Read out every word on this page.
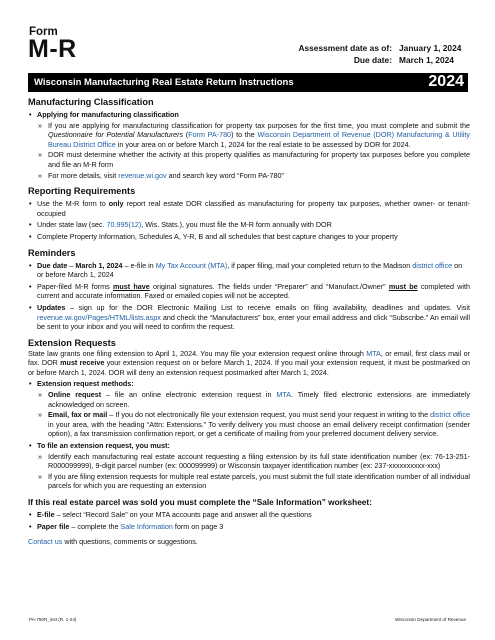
Form
M-R	Assessment date as of: January 1, 2024
Due date: March 1, 2024
Wisconsin Manufacturing Real Estate Return Instructions	2024
Manufacturing Classification
• Applying for manufacturing classification
» If you are applying for manufacturing classification for property tax purposes for the first time, you must complete and submit the Questionnaire for Potential Manufacturers (Form PA-780) to the Wisconsin Department of Revenue (DOR) Manufacturing & Utility Bureau District Office in your area on or before March 1, 2024 for the real estate to be assessed by DOR for 2024.
» DOR must determine whether the activity at this property qualifies as manufacturing for property tax purposes before you complete and file an M-R form
» For more details, visit revenue.wi.gov and search key word “Form PA-780”
Reporting Requirements
• Use the M-R form to only report real estate DOR classified as manufacturing for property tax purposes, whether owner- or tenant-occupied
• Under state law (sec. 70.995(12), Wis. Stats.), you must file the M-R form annually with DOR
• Complete Property Information, Schedules A, Y-R, B and all schedules that best capture changes to your property
Reminders
• Due date – March 1, 2024 – e-file in My Tax Account (MTA), if paper filing, mail your completed return to the Madison district office on or before March 1, 2024
• Paper-filed M-R forms must have original signatures. The fields under “Preparer” and “Manufact./Owner” must be completed with current and accurate information. Faxed or emailed copies will not be accepted.
• Updates – sign up for the DOR Electronic Mailing List to receive emails on filing availability, deadlines and updates. Visit revenue.wi.gov/Pages/HTML/lists.aspx and check the “Manufacturers” box, enter your email address and click “Subscribe.” An email will be sent to your inbox and you will need to confirm the request.
Extension Requests
State law grants one filing extension to April 1, 2024. You may file your extension request online through MTA, or email, first class mail or fax. DOR must receive your extension request on or before March 1, 2024. If you mail your extension request, it must be postmarked on or before March 1, 2024. DOR will deny an extension request postmarked after March 1, 2024.
• Extension request methods:
» Online request – file an online electronic extension request in MTA. Timely filed electronic extensions are immediately acknowledged on screen.
» Email, fax or mail – If you do not electronically file your extension request, you must send your request in writing to the district office in your area, with the heading “Attn: Extensions.” To verify delivery you must choose an email delivery receipt confirmation (sender option), a fax transmission confirmation report, or get a certificate of mailing from your preferred document delivery service.
• To file an extension request, you must:
» Identify each manufacturing real estate account requesting a filing extension by its full state identification number (ex: 76-13-251-R000099999), 9-digit parcel number (ex: 000099999) or Wisconsin taxpayer identification number (ex: 237-xxxxxxxxxx-xxx)
» If you are filing extension requests for multiple real estate parcels, you must submit the full state identification number of all individual parcels for which you are requesting an extension
If this real estate parcel was sold you must complete the “Sale Information” worksheet:
• E-file – select “Record Sale” on your MTA accounts page and answer all the questions
• Paper file – complete the Sale Information form on page 3
Contact us with questions, comments or suggestions.
PA-750R_inst (R. 1-24)	Wisconsin Department of Revenue
